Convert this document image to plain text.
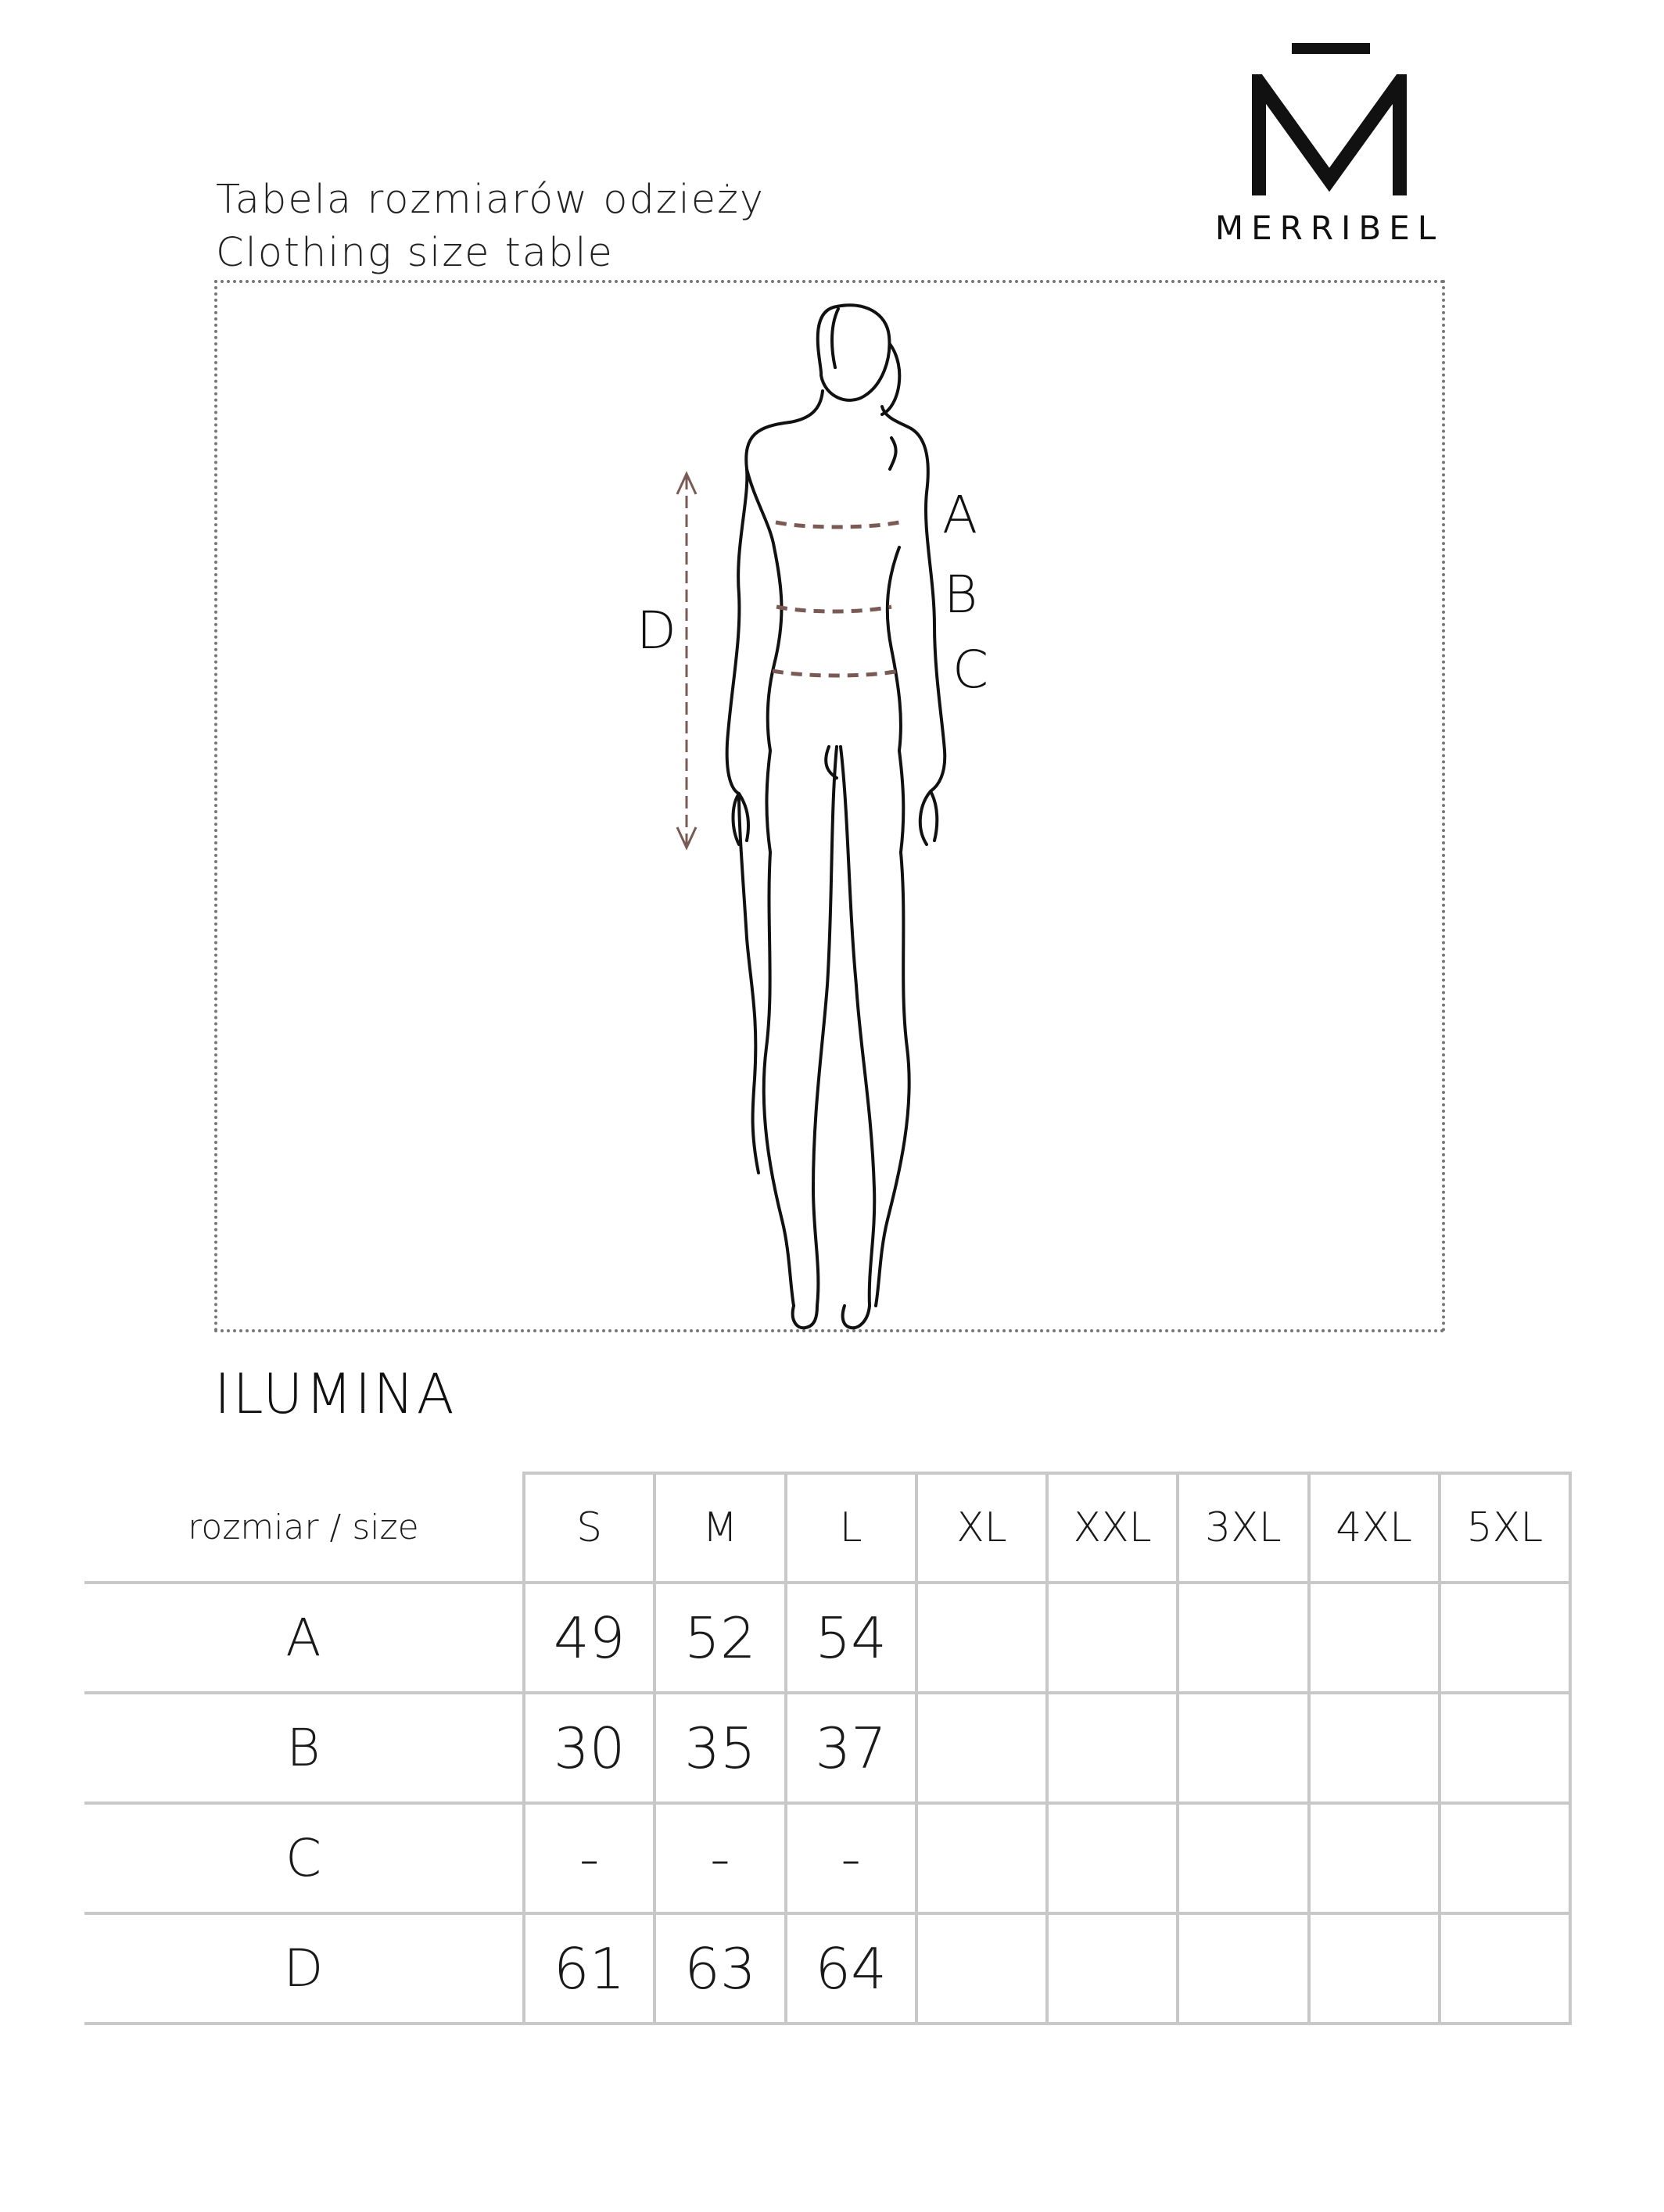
Tabela rozmiarów odzieży
Clothing size table
MERRIBEL
A
B
C
D
ILUMINA
rozmiar / size	S	M	L	XL	XXL	3XL	4XL	5XL
A	49	52	54					
B	30	35	37					
C	-	-	-					
D	61	63	64					
